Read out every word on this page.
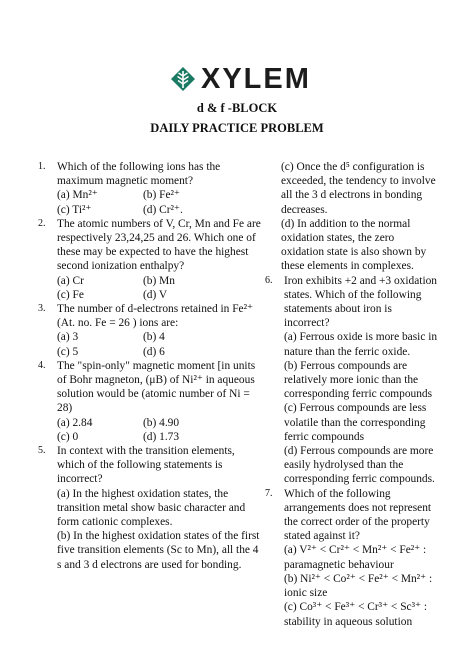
XYLEM
d & f -BLOCK
DAILY PRACTICE PROBLEM
1.	Which of the following ions has the maximum magnetic moment?
(a) Mn²⁺	(b) Fe²⁺
(c) Ti²⁺	(d) Cr²⁺.
2.	The atomic numbers of V, Cr, Mn and Fe are respectively 23,24,25 and 26. Which one of these may be expected to have the highest second ionization enthalpy?
(a) Cr	(b) Mn
(c) Fe	(d) V
3.	The number of d-electrons retained in Fe²⁺ (At. no. Fe = 26 ) ions are:
(a) 3	(b) 4
(c) 5	(d) 6
4.	The "spin-only" magnetic moment [in units of Bohr magneton, (μB) of Ni²⁺ in aqueous solution would be (atomic number of Ni = 28)
(a) 2.84	(b) 4.90
(c) 0	(d) 1.73
5.	In context with the transition elements, which of the following statements is incorrect?
(a) In the highest oxidation states, the transition metal show basic character and form cationic complexes.
(b) In the highest oxidation states of the first five transition elements (Sc to Mn), all the 4 s and 3 d electrons are used for bonding.
(c) Once the d⁵ configuration is exceeded, the tendency to involve all the 3 d electrons in bonding decreases.
(d) In addition to the normal oxidation states, the zero oxidation state is also shown by these elements in complexes.
6.	Iron exhibits +2 and +3 oxidation states. Which of the following statements about iron is incorrect?
(a) Ferrous oxide is more basic in nature than the ferric oxide.
(b) Ferrous compounds are relatively more ionic than the corresponding ferric compounds
(c) Ferrous compounds are less volatile than the corresponding ferric compounds
(d) Ferrous compounds are more easily hydrolysed than the corresponding ferric compounds.
7.	Which of the following arrangements does not represent the correct order of the property stated against it?
(a) V²⁺ < Cr²⁺ < Mn²⁺ < Fe²⁺ : paramagnetic behaviour
(b) Ni²⁺ < Co²⁺ < Fe²⁺ < Mn²⁺ : ionic size
(c) Co³⁺ < Fe³⁺ < Cr³⁺ < Sc³⁺ : stability in aqueous solution
